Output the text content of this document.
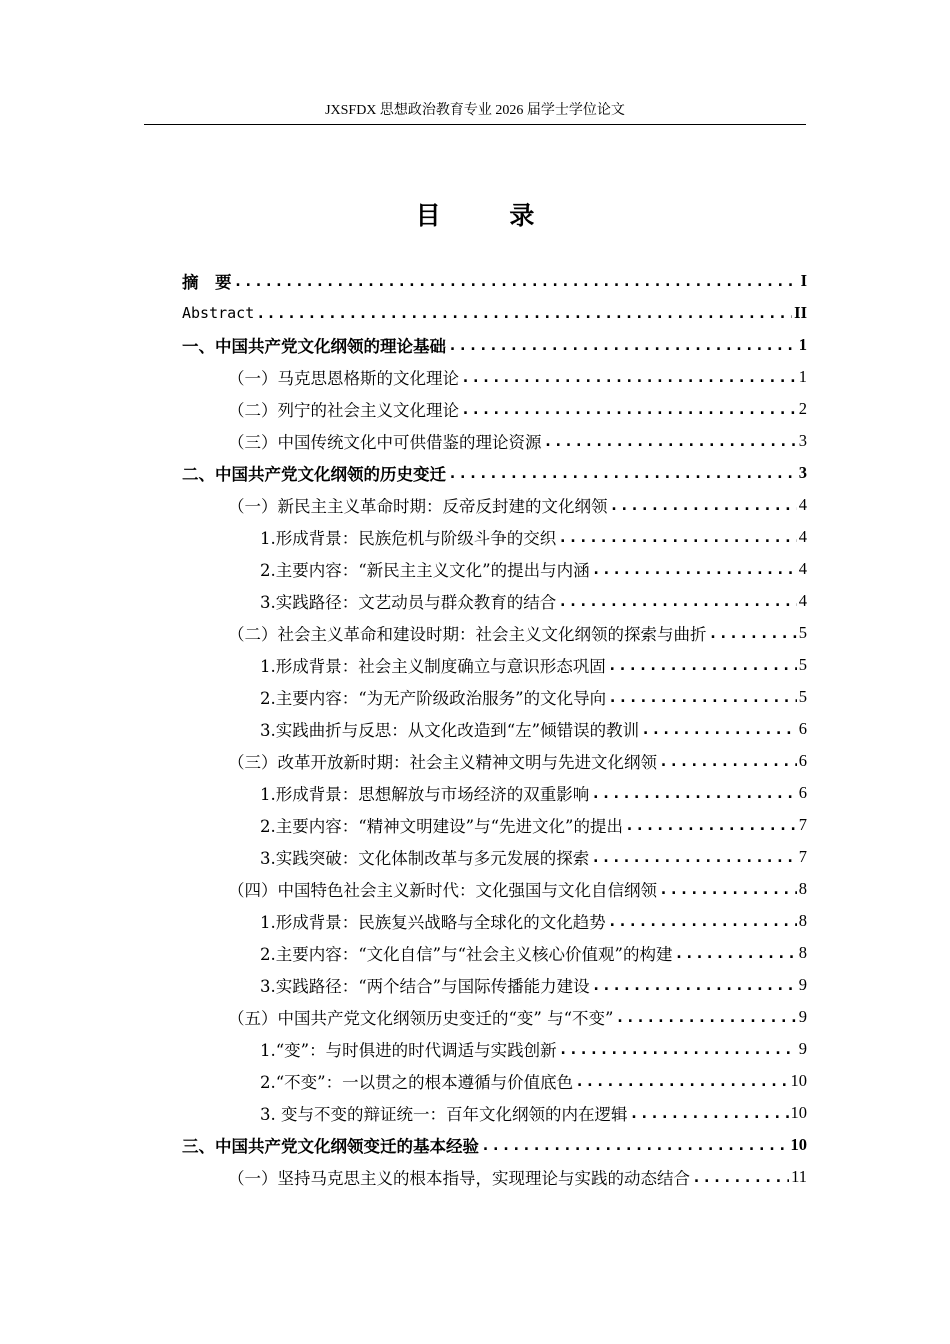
JXSFDX 思想政治教育专业 2026 届学士学位论文
目 录
摘　要 .....	I
Abstract .....	II
一、中国共产党文化纲领的理论基础 .....	1
（一）马克思恩格斯的文化理论 .....	1
（二）列宁的社会主义文化理论 .....	2
（三）中国传统文化中可供借鉴的理论资源 .....	3
二、中国共产党文化纲领的历史变迁 .....	3
（一）新民主主义革命时期：反帝反封建的文化纲领 .....	4
1.形成背景：民族危机与阶级斗争的交织 .....	4
2.主要内容：“新民主主义文化”的提出与内涵 .....	4
3.实践路径：文艺动员与群众教育的结合 .....	4
（二）社会主义革命和建设时期：社会主义文化纲领的探索与曲折 .....	5
1.形成背景：社会主义制度确立与意识形态巩固 .....	5
2.主要内容：“为无产阶级政治服务”的文化导向 .....	5
3.实践曲折与反思：从文化改造到“左”倾错误的教训 .....	6
（三）改革开放新时期：社会主义精神文明与先进文化纲领 .....	6
1.形成背景：思想解放与市场经济的双重影响 .....	6
2.主要内容：“精神文明建设”与“先进文化”的提出 .....	7
3.实践突破：文化体制改革与多元发展的探索 .....	7
（四）中国特色社会主义新时代：文化强国与文化自信纲领 .....	8
1.形成背景：民族复兴战略与全球化的文化趋势 .....	8
2.主要内容：“文化自信”与“社会主义核心价值观”的构建 .....	8
3.实践路径：“两个结合”与国际传播能力建设 .....	9
（五）中国共产党文化纲领历史变迁的“变” 与“不变” .....	9
1.“变”：与时俱进的时代调适与实践创新 .....	9
2.“不变”：一以贯之的根本遵循与价值底色 .....	10
3. 变与不变的辩证统一：百年文化纲领的内在逻辑 .....	10
三、中国共产党文化纲领变迁的基本经验 .....	10
（一）坚持马克思主义的根本指导，实现理论与实践的动态结合 .....	11
